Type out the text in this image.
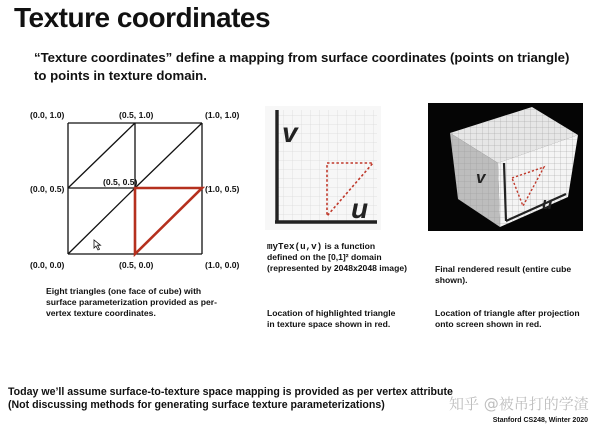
Texture coordinates
“Texture coordinates” define a mapping from surface coordinates (points on triangle)
to points in texture domain.
(0.0, 1.0)	(0.5, 1.0)	(1.0, 1.0)
(0.0, 0.5)
(0.5, 0.5)
(1.0, 0.5)
(0.0, 0.0)	(0.5, 0.0)	(1.0, 0.0)
Eight triangles (one face of cube) with
surface parameterization provided as per-
vertex texture coordinates.
v
u
myTex(u,v) is a function
defined on the [0,1]² domain
(represented by 2048x2048 image)
Location of highlighted triangle
in texture space shown in red.
v
u
Final rendered result (entire cube
shown).
Location of triangle after projection
onto screen shown in red.
Today we’ll assume surface-to-texture space mapping is provided as per vertex attribute
(Not discussing methods for generating surface texture parameterizations)	知乎 @被吊打的学渣
Stanford CS248, Winter 2020
